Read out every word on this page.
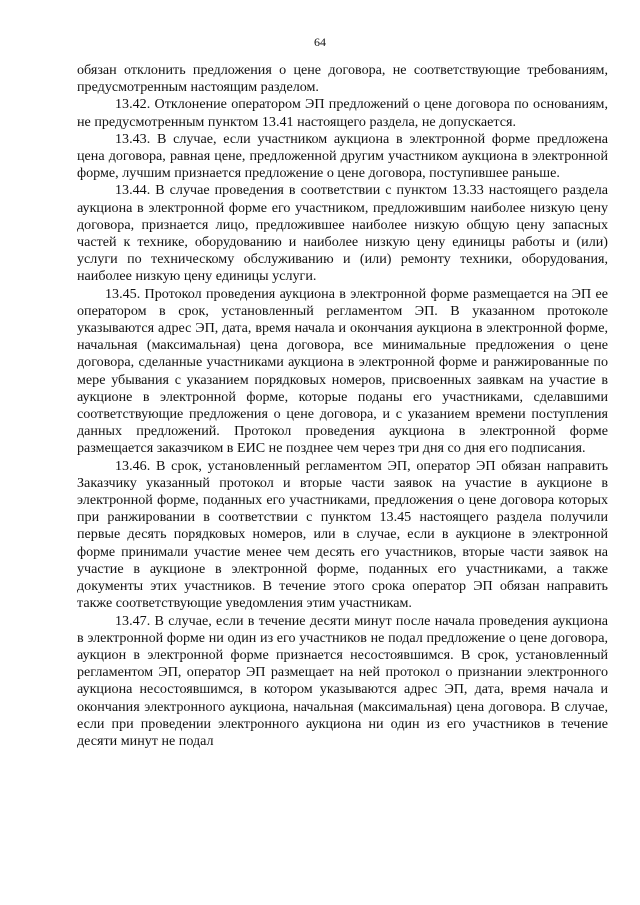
64

обязан отклонить предложения о цене договора, не соответствующие требованиям, предусмотренным настоящим разделом.

13.42. Отклонение оператором ЭП предложений о цене договора по основаниям, не предусмотренным пунктом 13.41 настоящего раздела, не допускается.

13.43. В случае, если участником аукциона в электронной форме предложена цена договора, равная цене, предложенной другим участником аукциона в электронной форме, лучшим признается предложение о цене договора, поступившее раньше.

13.44. В случае проведения в соответствии с пунктом 13.33 настоящего раздела аукциона в электронной форме его участником, предложившим наиболее низкую цену договора, признается лицо, предложившее наиболее низкую общую цену запасных частей к технике, оборудованию и наиболее низкую цену единицы работы и (или) услуги по техническому обслуживанию и (или) ремонту техники, оборудования, наиболее низкую цену единицы услуги.

13.45. Протокол проведения аукциона в электронной форме размещается на ЭП ее оператором в срок, установленный регламентом ЭП. В указанном протоколе указываются адрес ЭП, дата, время начала и окончания аукциона в электронной форме, начальная (максимальная) цена договора, все минимальные предложения о цене договора, сделанные участниками аукциона в электронной форме и ранжированные по мере убывания с указанием порядковых номеров, присвоенных заявкам на участие в аукционе в электронной форме, которые поданы его участниками, сделавшими соответствующие предложения о цене договора, и с указанием времени поступления данных предложений. Протокол проведения аукциона в электронной форме размещается заказчиком в ЕИС не позднее чем через три дня со дня его подписания.

13.46. В срок, установленный регламентом ЭП, оператор ЭП обязан направить Заказчику указанный протокол и вторые части заявок на участие в аукционе в электронной форме, поданных его участниками, предложения о цене договора которых при ранжировании в соответствии с пунктом 13.45 настоящего раздела получили первые десять порядковых номеров, или в случае, если в аукционе в электронной форме принимали участие менее чем десять его участников, вторые части заявок на участие в аукционе в электронной форме, поданных его участниками, а также документы этих участников. В течение этого срока оператор ЭП обязан направить также соответствующие уведомления этим участникам.

13.47. В случае, если в течение десяти минут после начала проведения аукциона в электронной форме ни один из его участников не подал предложение о цене договора, аукцион в электронной форме признается несостоявшимся. В срок, установленный регламентом ЭП, оператор ЭП размещает на ней протокол о признании электронного аукциона несостоявшимся, в котором указываются адрес ЭП, дата, время начала и окончания электронного аукциона, начальная (максимальная) цена договора. В случае, если при проведении электронного аукциона ни один из его участников в течение десяти минут не подал
